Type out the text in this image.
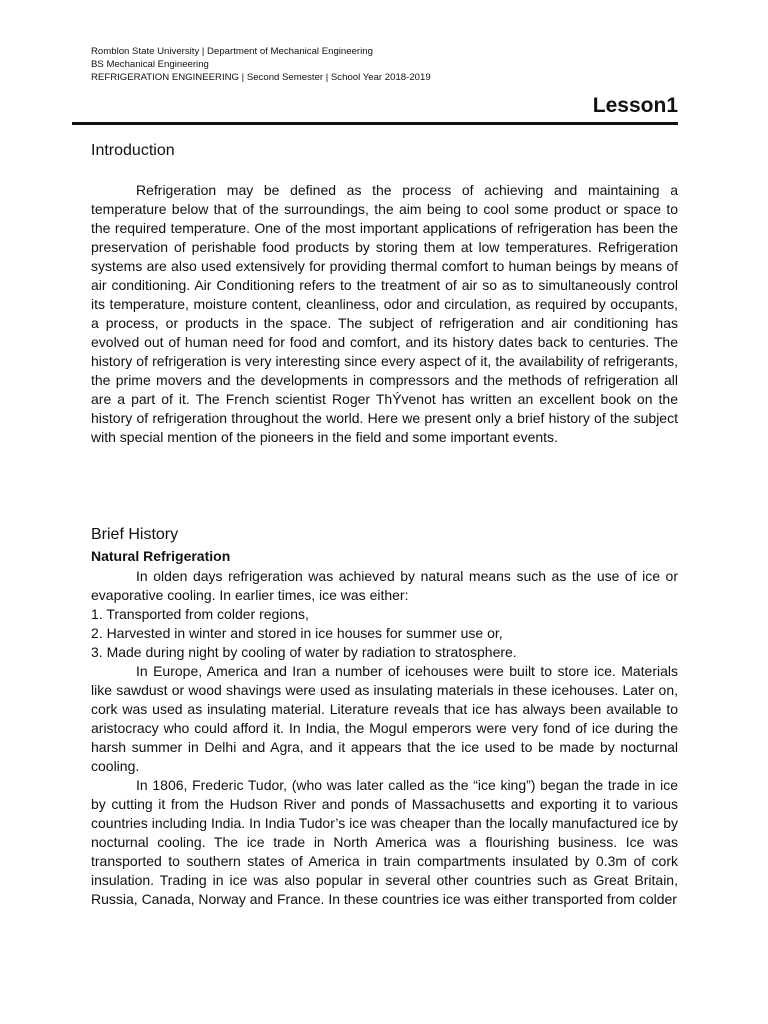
Romblon State University | Department of Mechanical Engineering
BS Mechanical Engineering
REFRIGERATION ENGINEERING | Second Semester | School Year 2018-2019
Lesson1
Introduction
Refrigeration may be defined as the process of achieving and maintaining a temperature below that of the surroundings, the aim being to cool some product or space to the required temperature. One of the most important applications of refrigeration has been the preservation of perishable food products by storing them at low temperatures. Refrigeration systems are also used extensively for providing thermal comfort to human beings by means of air conditioning. Air Conditioning refers to the treatment of air so as to simultaneously control its temperature, moisture content, cleanliness, odor and circulation, as required by occupants, a process, or products in the space. The subject of refrigeration and air conditioning has evolved out of human need for food and comfort, and its history dates back to centuries. The history of refrigeration is very interesting since every aspect of it, the availability of refrigerants, the prime movers and the developments in compressors and the methods of refrigeration all are a part of it. The French scientist Roger ThÝvenot has written an excellent book on the history of refrigeration throughout the world. Here we present only a brief history of the subject with special mention of the pioneers in the field and some important events.
Brief History
Natural Refrigeration
In olden days refrigeration was achieved by natural means such as the use of ice or evaporative cooling. In earlier times, ice was either:
1. Transported from colder regions,
2. Harvested in winter and stored in ice houses for summer use or,
3. Made during night by cooling of water by radiation to stratosphere.
In Europe, America and Iran a number of icehouses were built to store ice. Materials like sawdust or wood shavings were used as insulating materials in these icehouses. Later on, cork was used as insulating material. Literature reveals that ice has always been available to aristocracy who could afford it. In India, the Mogul emperors were very fond of ice during the harsh summer in Delhi and Agra, and it appears that the ice used to be made by nocturnal cooling.
In 1806, Frederic Tudor, (who was later called as the “ice king”) began the trade in ice by cutting it from the Hudson River and ponds of Massachusetts and exporting it to various countries including India. In India Tudor’s ice was cheaper than the locally manufactured ice by nocturnal cooling. The ice trade in North America was a flourishing business. Ice was transported to southern states of America in train compartments insulated by 0.3m of cork insulation. Trading in ice was also popular in several other countries such as Great Britain, Russia, Canada, Norway and France. In these countries ice was either transported from colder
